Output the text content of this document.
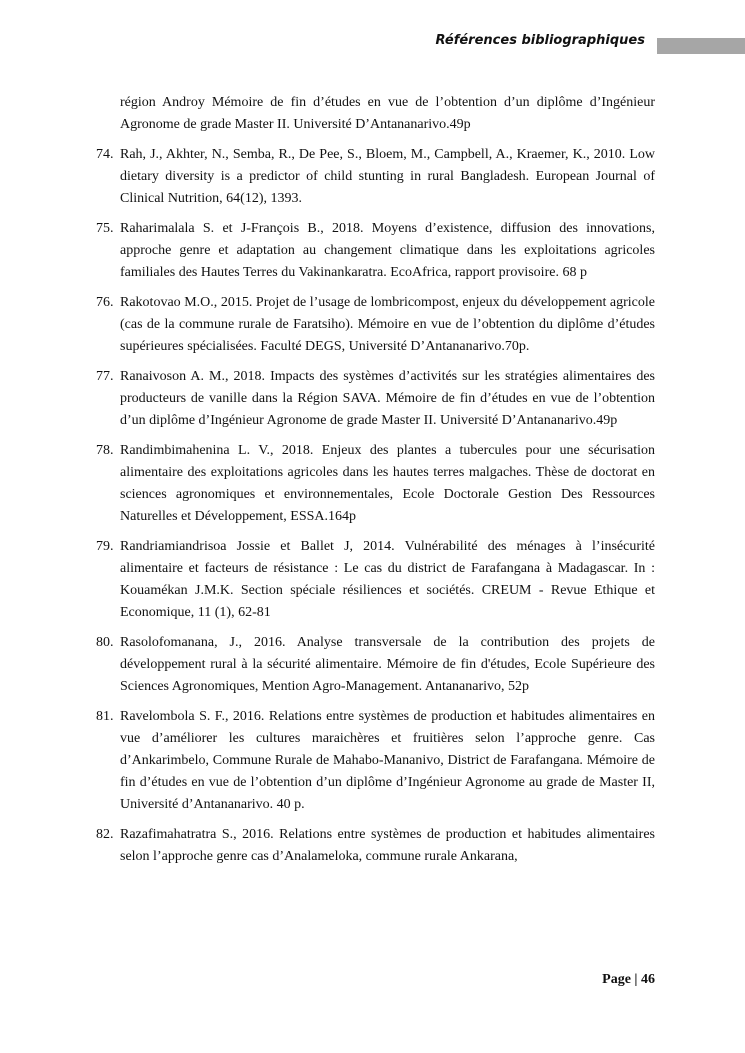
Références bibliographiques

région Androy Mémoire de fin d’études en vue de l’obtention d’un diplôme d’Ingénieur Agronome de grade Master II. Université D’Antananarivo.49p

74. Rah, J., Akhter, N., Semba, R., De Pee, S., Bloem, M., Campbell, A., Kraemer, K., 2010. Low dietary diversity is a predictor of child stunting in rural Bangladesh. European Journal of Clinical Nutrition, 64(12), 1393.
75. Raharimalala S. et J-François B., 2018. Moyens d’existence, diffusion des innovations, approche genre et adaptation au changement climatique dans les exploitations agricoles familiales des Hautes Terres du Vakinankaratra. EcoAfrica, rapport provisoire. 68 p
76. Rakotovao M.O., 2015. Projet de l’usage de lombricompost, enjeux du développement agricole (cas de la commune rurale de Faratsiho). Mémoire en vue de l’obtention du diplôme d’études supérieures spécialisées. Faculté DEGS, Université D’Antananarivo.70p.
77. Ranaivoson A. M., 2018. Impacts des systèmes d’activités sur les stratégies alimentaires des producteurs de vanille dans la Région SAVA. Mémoire de fin d’études en vue de l’obtention d’un diplôme d’Ingénieur Agronome de grade Master II. Université D’Antananarivo.49p
78. Randimbimahenina L. V., 2018. Enjeux des plantes a tubercules pour une sécurisation alimentaire des exploitations agricoles dans les hautes terres malgaches. Thèse de doctorat en sciences agronomiques et environnementales, Ecole Doctorale Gestion Des Ressources Naturelles et Développement, ESSA.164p
79. Randriamiandrisoa Jossie et Ballet J, 2014. Vulnérabilité des ménages à l’insécurité alimentaire et facteurs de résistance : Le cas du district de Farafangana à Madagascar. In : Kouamékan J.M.K. Section spéciale résiliences et sociétés. CREUM - Revue Ethique et Economique, 11 (1), 62-81
80. Rasolofomanana, J., 2016. Analyse transversale de la contribution des projets de développement rural à la sécurité alimentaire. Mémoire de fin d'études, Ecole Supérieure des Sciences Agronomiques, Mention Agro-Management. Antananarivo, 52p
81. Ravelombola S. F., 2016. Relations entre systèmes de production et habitudes alimentaires en vue d’améliorer les cultures maraichères et fruitières selon l’approche genre. Cas d’Ankarimbelo, Commune Rurale de Mahabo-Mananivo, District de Farafangana. Mémoire de fin d’études en vue de l’obtention d’un diplôme d’Ingénieur Agronome au grade de Master II, Université d’Antananarivo. 40 p.
82. Razafimahatratra S., 2016. Relations entre systèmes de production et habitudes alimentaires selon l’approche genre cas d’Analameloka, commune rurale Ankarana,
Page | 46
